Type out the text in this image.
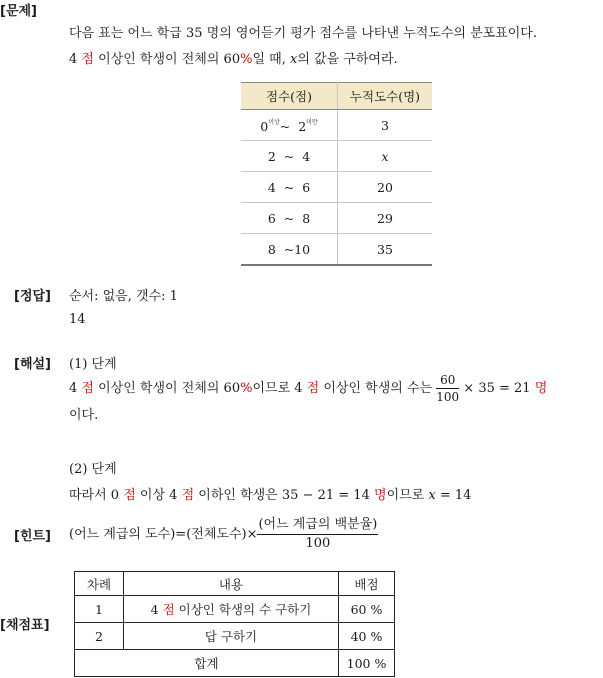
[문제]
다음 표는 어느 학급 35 명의 영어듣기 평가 점수를 나타낸 누적도수의 분포표이다.
4 점 이상인 학생이 전체의 60%일 때, x의 값을 구하여라.
점수(점)	누적도수(명)
$0^{이상}\sim$ $2^{미만}$	3
2 ~ 4	x
4 ~ 6	20
6 ~ 8	29
8 ~10	35
[정답] 순서: 없음, 갯수: 1
14
[해설] (1) 단계
4 점 이상인 학생이 전체의 60%이므로 4 점 이상인 학생의 수는 $\frac{60}{100} \times 35 = 21$ 명
이다.
(2) 단계
따라서 0 점 이상 4 점 이하인 학생은 35 − 21 = 14 명이므로 x = 14
[힌트] (어느 계급의 도수)=(전체도수)× $\frac{\text{(어느 계급의 백분율)}}{100}$
[채점표]
차례	내용	배점
1	4 점 이상인 학생의 수 구하기	60 %
2	답 구하기	40 %
합계		100 %
